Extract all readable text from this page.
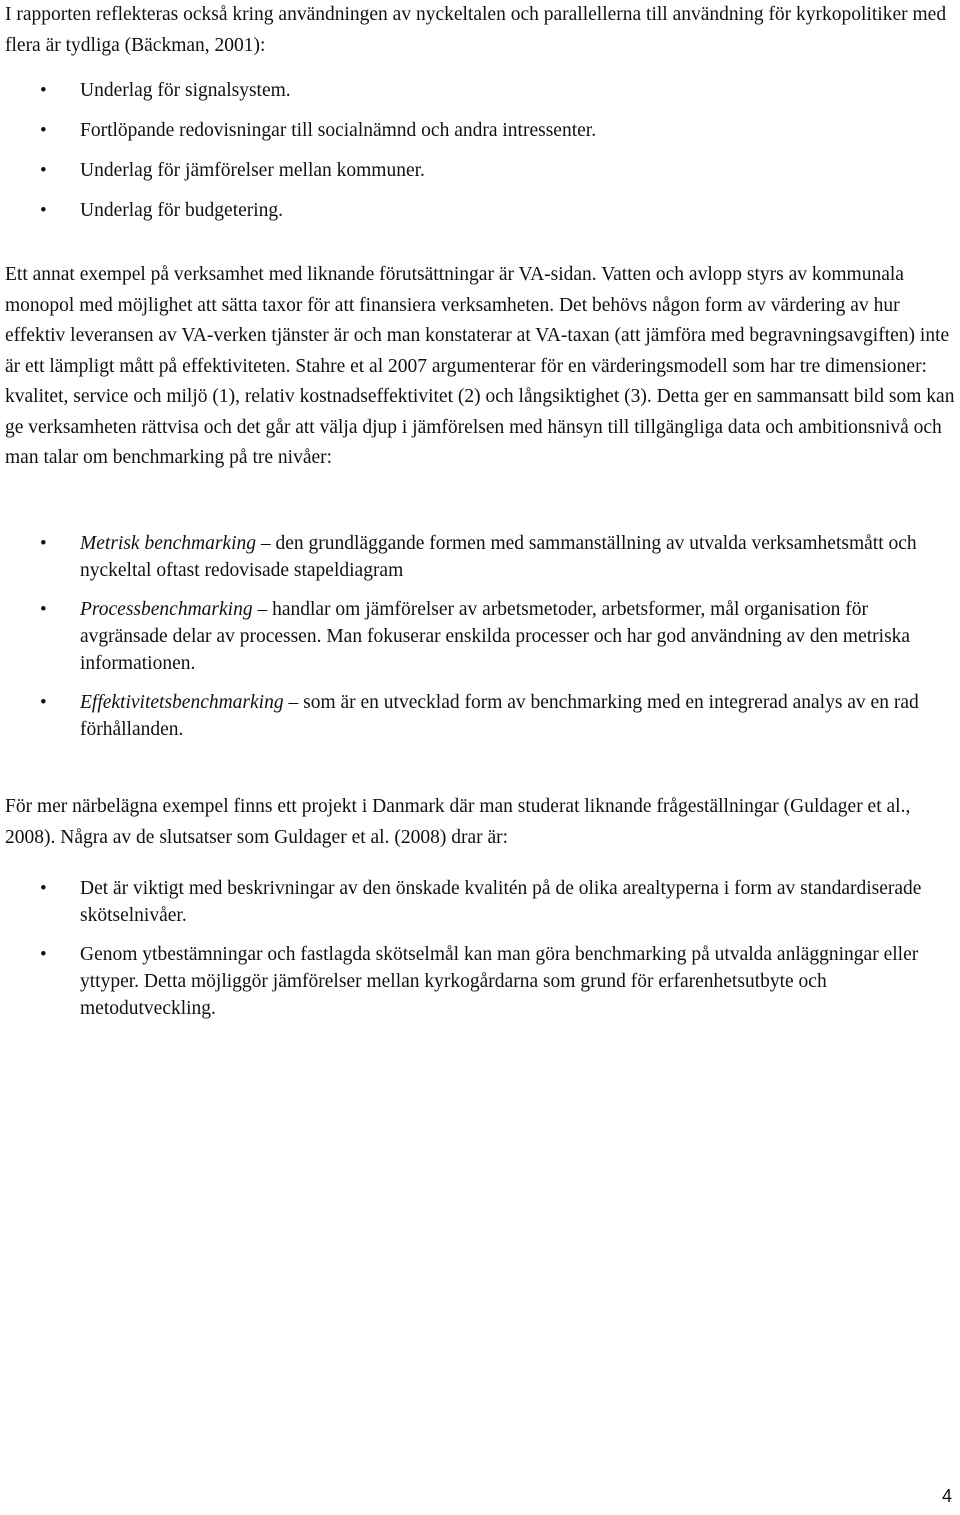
I rapporten reflekteras också kring användningen av nyckeltalen och parallellerna till användning för kyrkopolitiker med flera är tydliga (Bäckman, 2001):

• Underlag för signalsystem.
• Fortlöpande redovisningar till socialnämnd och andra intressenter.
• Underlag för jämförelser mellan kommuner.
• Underlag för budgetering.

Ett annat exempel på verksamhet med liknande förutsättningar är VA-sidan. Vatten och avlopp styrs av kommunala monopol med möjlighet att sätta taxor för att finansiera verksamheten. Det behövs någon form av värdering av hur effektiv leveransen av VA-verken tjänster är och man konstaterar at VA-taxan (att jämföra med begravningsavgiften) inte är ett lämpligt mått på effektiviteten. Stahre et al 2007 argumenterar för en värderingsmodell som har tre dimensioner: kvalitet, service och miljö (1), relativ kostnadseffektivitet (2) och långsiktighet (3). Detta ger en sammansatt bild som kan ge verksamheten rättvisa och det går att välja djup i jämförelsen med hänsyn till tillgängliga data och ambitionsnivå och man talar om benchmarking på tre nivåer:

• Metrisk benchmarking – den grundläggande formen med sammanställning av utvalda verksamhetsmått och nyckeltal oftast redovisade stapeldiagram
• Processbenchmarking – handlar om jämförelser av arbetsmetoder, arbetsformer, mål organisation för avgränsade delar av processen. Man fokuserar enskilda processer och har god användning av den metriska informationen.
• Effektivitetsbenchmarking – som är en utvecklad form av benchmarking med en integrerad analys av en rad förhållanden.

För mer närbelägna exempel finns ett projekt i Danmark där man studerat liknande frågeställningar (Guldager et al., 2008). Några av de slutsatser som Guldager et al. (2008) drar är:

• Det är viktigt med beskrivningar av den önskade kvalitén på de olika arealtyperna i form av standardiserade skötselnivåer.
• Genom ytbestämningar och fastlagda skötselmål kan man göra benchmarking på utvalda anläggningar eller yttyper. Detta möjliggör jämförelser mellan kyrkogårdarna som grund för erfarenhetsutbyte och metodutveckling.
4
